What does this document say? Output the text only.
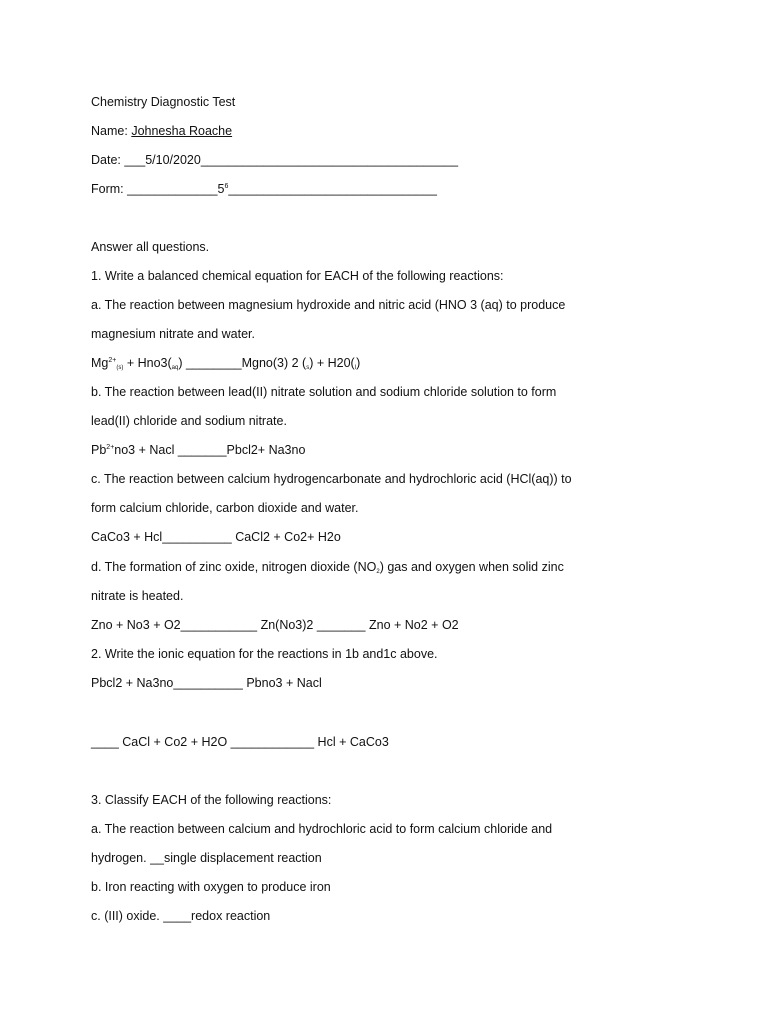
Chemistry Diagnostic Test
Name: Johnesha Roache
Date: ___5/10/2020_____________________________________
Form: $\_\_\_\_\_\_\_\_\_\_\_\_\_5^6\_\_\_\_\_\_\_\_\_\_\_\_\_\_\_\_\_\_\_\_\_\_\_\_\_\_\_\_\_\_$
Answer all questions.
1. Write a balanced chemical equation for EACH of the following reactions:
a. The reaction between magnesium hydroxide and nitric acid (HNO 3 (aq) to produce
magnesium nitrate and water.
$Mg^{2+}_{(s)} + Hno3(_{aq})$ ________Mgno(3) 2 $(_s) + H20(_l)$
b. The reaction between lead(II) nitrate solution and sodium chloride solution to form
lead(II) chloride and sodium nitrate.
$Pb^{2+}no3$ + Nacl _______Pbcl2+ Na3no
c. The reaction between calcium hydrogencarbonate and hydrochloric acid (HCl(aq)) to
form calcium chloride, carbon dioxide and water.
CaCo3 + Hcl__________ CaCl2 + Co2+ H2o
d. The formation of zinc oxide, nitrogen dioxide $(NO_2)$ gas and oxygen when solid zinc
nitrate is heated.
Zno + No3 + O2___________ Zn(No3)2 _______ Zno + No2 + O2
2. Write the ionic equation for the reactions in 1b and1c above.
Pbcl2 + Na3no__________ Pbno3 + Nacl
____ CaCl + Co2 + H2O ____________ Hcl + CaCo3
3. Classify EACH of the following reactions:
a. The reaction between calcium and hydrochloric acid to form calcium chloride and
hydrogen. __single displacement reaction
b. Iron reacting with oxygen to produce iron
c. (III) oxide. ____redox reaction
